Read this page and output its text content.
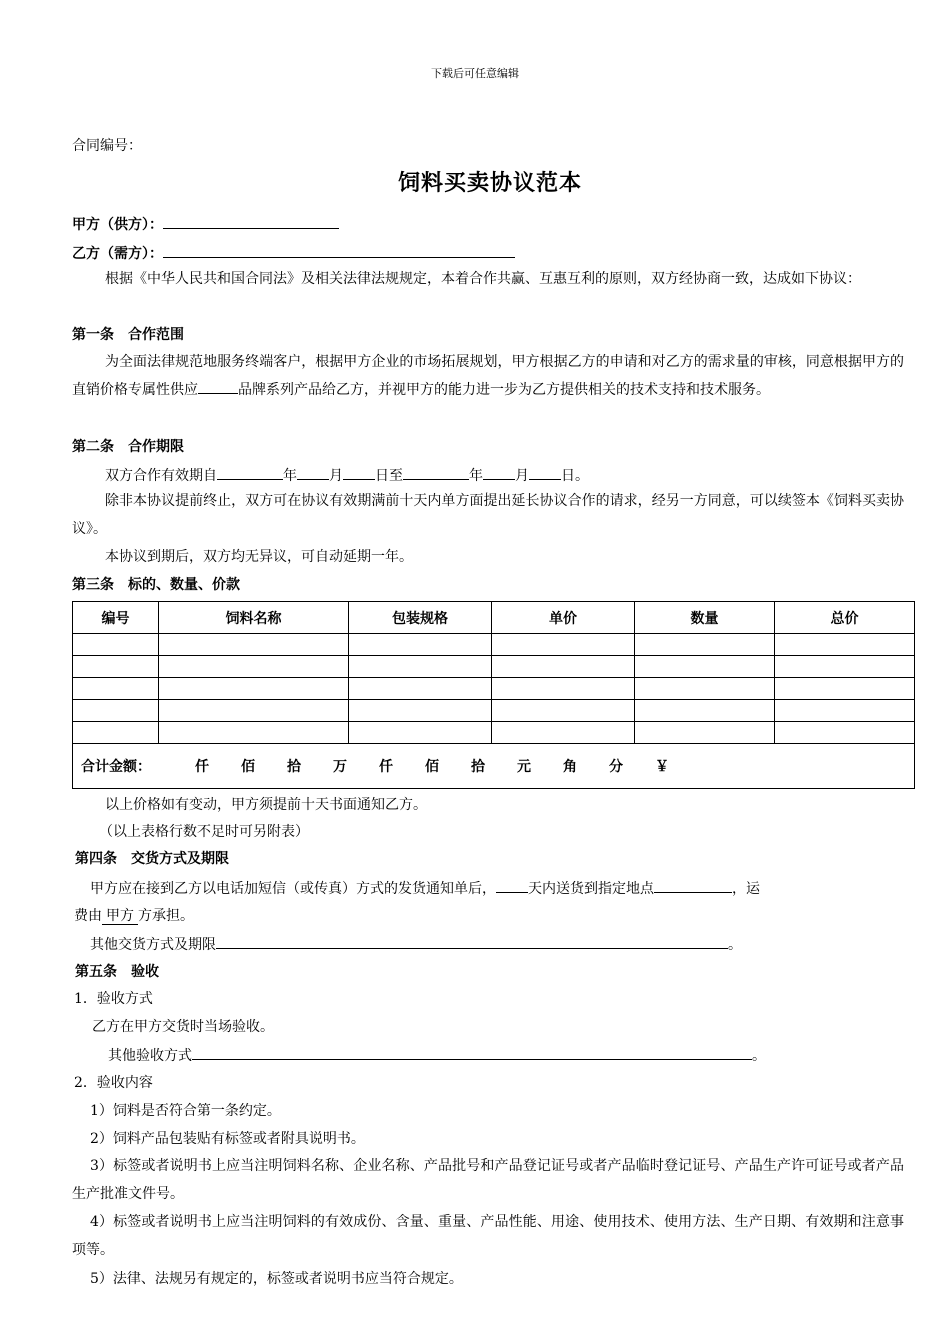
下载后可任意编辑
合同编号：
饲料买卖协议范本
甲方（供方）：
乙方（需方）：
根据《中华人民共和国合同法》及相关法律法规规定，本着合作共赢、互惠互利的原则，双方经协商一致，达成如下协议：
第一条　合作范围
为全面法律规范地服务终端客户，根据甲方企业的市场拓展规划，甲方根据乙方的申请和对乙方的需求量的审核，同意根据甲方的直销价格专属性供应	品牌系列产品给乙方，并视甲方的能力进一步为乙方提供相关的技术支持和技术服务。
第二条　合作期限
双方合作有效期自	年 月 日至	年 月 日。
除非本协议提前终止，双方可在协议有效期满前十天内单方面提出延长协议合作的请求，经另一方同意，可以续签本《饲料买卖协议》。
本协议到期后，双方均无异议，可自动延期一年。
第三条　标的、数量、价款
编号	饲料名称	包装规格	单价	数量	总价

合计金额： 仟 佰 拾 万 仟 佰 拾 元 角 分 ￥					
以上价格如有变动，甲方须提前十天书面通知乙方。
（以上表格行数不足时可另附表）
第四条　交货方式及期限
甲方应在接到乙方以电话加短信（或传真）方式的发货通知单后， 天内送货到指定地点	，运
费由 甲方 方承担。
其他交货方式及期限	。
第五条　验收
1．验收方式
乙方在甲方交货时当场验收。
其他验收方式	。
2．验收内容
1）饲料是否符合第一条约定。
2）饲料产品包装贴有标签或者附具说明书。
3）标签或者说明书上应当注明饲料名称、企业名称、产品批号和产品登记证号或者产品临时登记证号、产品生产许可证号或者产品生产批准文件号。
4）标签或者说明书上应当注明饲料的有效成份、含量、重量、产品性能、用途、使用技术、使用方法、生产日期、有效期和注意事项等。
5）法律、法规另有规定的，标签或者说明书应当符合规定。
